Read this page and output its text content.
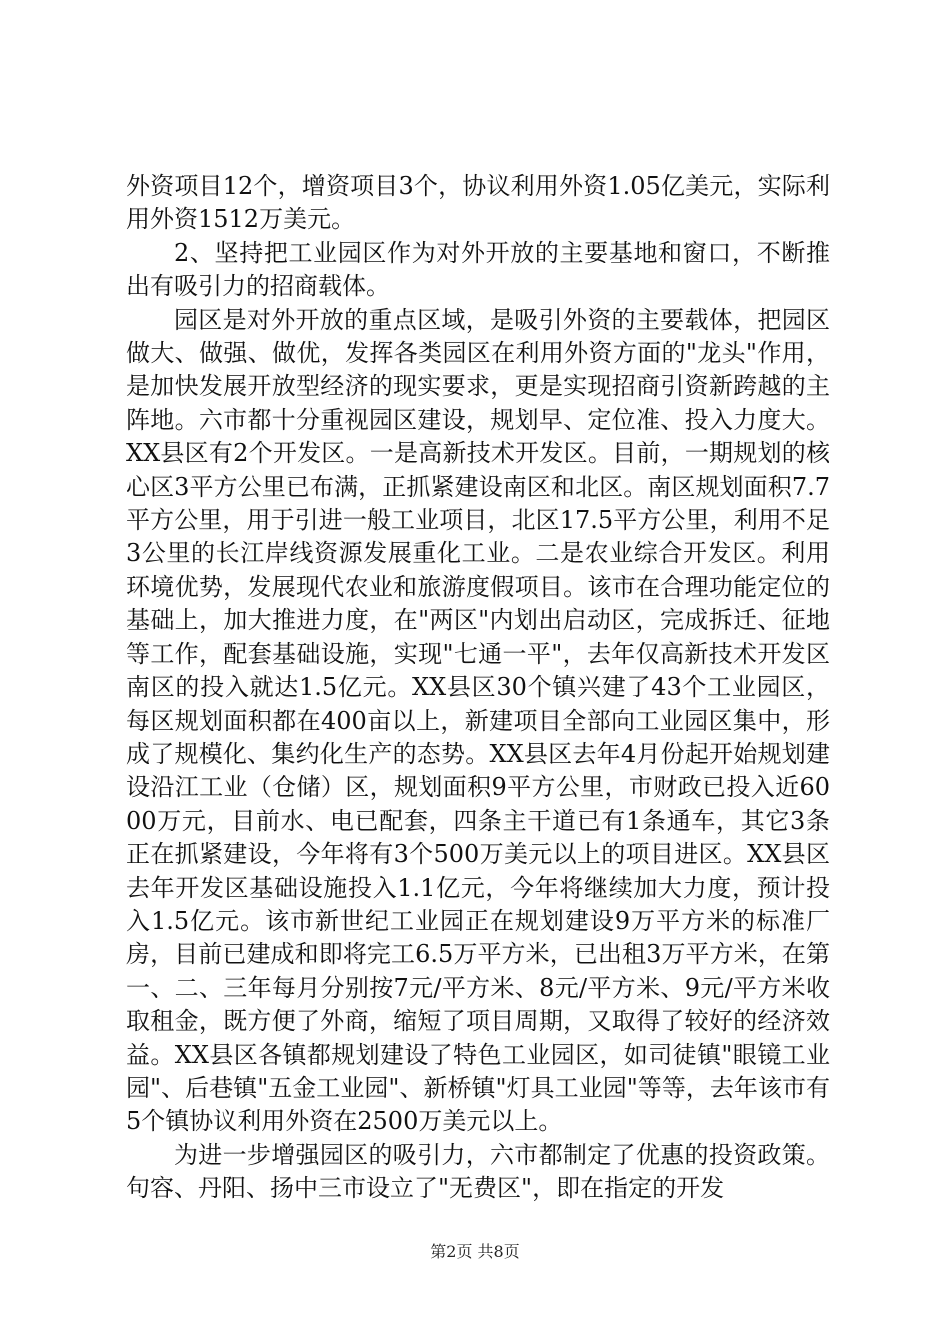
外资项目12个，增资项目3个，协议利用外资1.05亿美元，实际利用外资1512万美元。

2、坚持把工业园区作为对外开放的主要基地和窗口，不断推出有吸引力的招商载体。

园区是对外开放的重点区域，是吸引外资的主要载体，把园区做大、做强、做优，发挥各类园区在利用外资方面的"龙头"作用，是加快发展开放型经济的现实要求，更是实现招商引资新跨越的主阵地。六市都十分重视园区建设，规划早、定位准、投入力度大。XX县区有2个开发区。一是高新技术开发区。目前，一期规划的核心区3平方公里已布满，正抓紧建设南区和北区。南区规划面积7.7平方公里，用于引进一般工业项目，北区17.5平方公里，利用不足3公里的长江岸线资源发展重化工业。二是农业综合开发区。利用环境优势，发展现代农业和旅游度假项目。该市在合理功能定位的基础上，加大推进力度，在"两区"内划出启动区，完成拆迁、征地等工作，配套基础设施，实现"七通一平"，去年仅高新技术开发区南区的投入就达1.5亿元。XX县区30个镇兴建了43个工业园区，每区规划面积都在400亩以上，新建项目全部向工业园区集中，形成了规模化、集约化生产的态势。XX县区去年4月份起开始规划建设沿江工业（仓储）区，规划面积9平方公里，市财政已投入近6000万元，目前水、电已配套，四条主干道已有1条通车，其它3条正在抓紧建设，今年将有3个500万美元以上的项目进区。XX县区去年开发区基础设施投入1.1亿元，今年将继续加大力度，预计投入1.5亿元。该市新世纪工业园正在规划建设9万平方米的标准厂房，目前已建成和即将完工6.5万平方米，已出租3万平方米，在第一、二、三年每月分别按7元/平方米、8元/平方米、9元/平方米收取租金，既方便了外商，缩短了项目周期，又取得了较好的经济效益。XX县区各镇都规划建设了特色工业园区，如司徒镇"眼镜工业园"、后巷镇"五金工业园"、新桥镇"灯具工业园"等等，去年该市有5个镇协议利用外资在2500万美元以上。

为进一步增强园区的吸引力，六市都制定了优惠的投资政策。句容、丹阳、扬中三市设立了"无费区"，即在指定的开发

第2页 共8页
